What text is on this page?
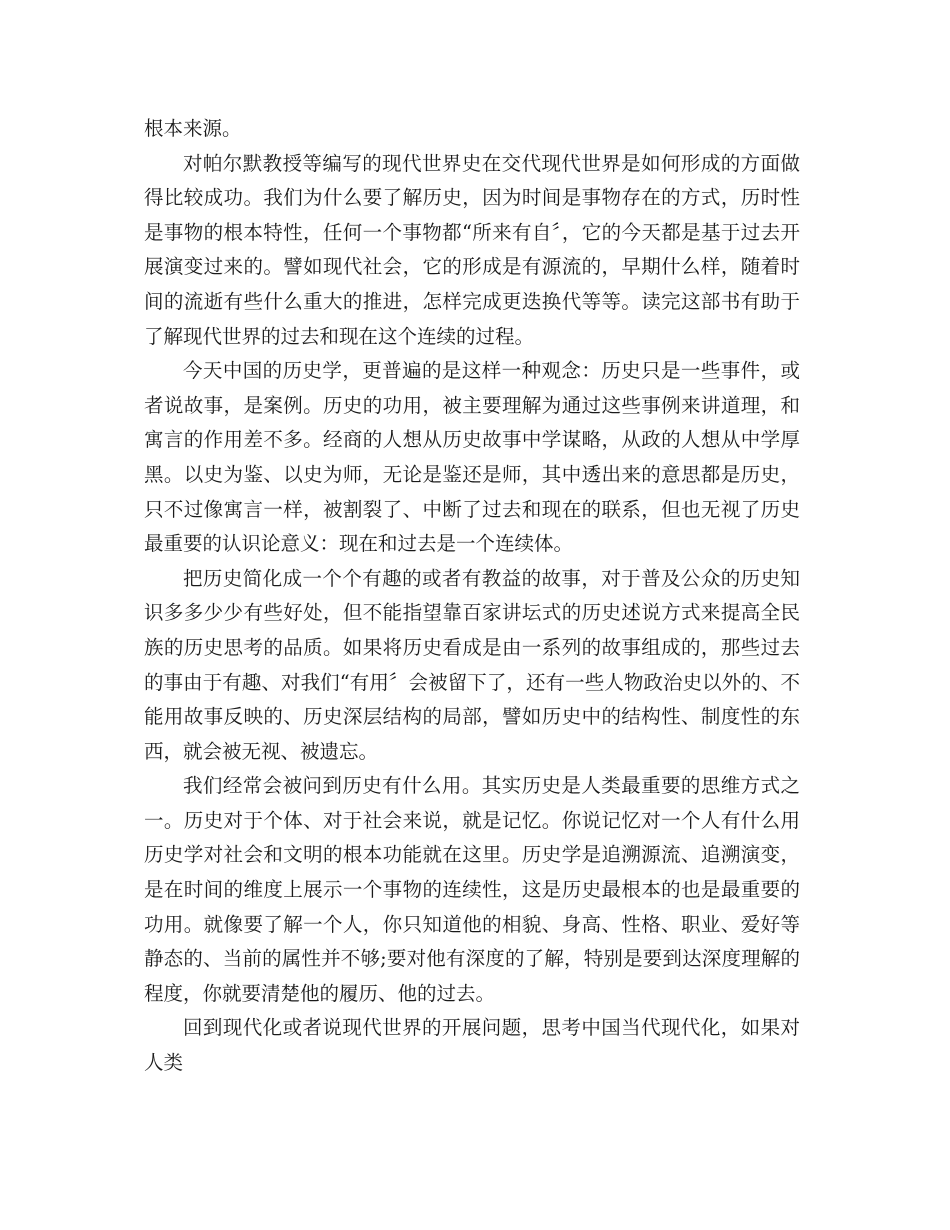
根本来源。

对帕尔默教授等编写的现代世界史在交代现代世界是如何形成的方面做得比较成功。我们为什么要了解历史，因为时间是事物存在的方式，历时性是事物的根本特性，任何一个事物都“所来有自〞，它的今天都是基于过去开展演变过来的。譬如现代社会，它的形成是有源流的，早期什么样，随着时间的流逝有些什么重大的推进，怎样完成更迭换代等等。读完这部书有助于了解现代世界的过去和现在这个连续的过程。

今天中国的历史学，更普遍的是这样一种观念：历史只是一些事件，或者说故事，是案例。历史的功用，被主要理解为通过这些事例来讲道理，和寓言的作用差不多。经商的人想从历史故事中学谋略，从政的人想从中学厚黑。以史为鉴、以史为师，无论是鉴还是师，其中透出来的意思都是历史，只不过像寓言一样，被割裂了、中断了过去和现在的联系，但也无视了历史最重要的认识论意义：现在和过去是一个连续体。

把历史简化成一个个有趣的或者有教益的故事，对于普及公众的历史知识多多少少有些好处，但不能指望靠百家讲坛式的历史述说方式来提高全民族的历史思考的品质。如果将历史看成是由一系列的故事组成的，那些过去的事由于有趣、对我们“有用〞会被留下了，还有一些人物政治史以外的、不能用故事反映的、历史深层结构的局部，譬如历史中的结构性、制度性的东西，就会被无视、被遗忘。

我们经常会被问到历史有什么用。其实历史是人类最重要的思维方式之一。历史对于个体、对于社会来说，就是记忆。你说记忆对一个人有什么用历史学对社会和文明的根本功能就在这里。历史学是追溯源流、追溯演变，是在时间的维度上展示一个事物的连续性，这是历史最根本的也是最重要的功用。就像要了解一个人，你只知道他的相貌、身高、性格、职业、爱好等静态的、当前的属性并不够;要对他有深度的了解，特别是要到达深度理解的程度，你就要清楚他的履历、他的过去。

回到现代化或者说现代世界的开展问题，思考中国当代现代化，如果对人类
